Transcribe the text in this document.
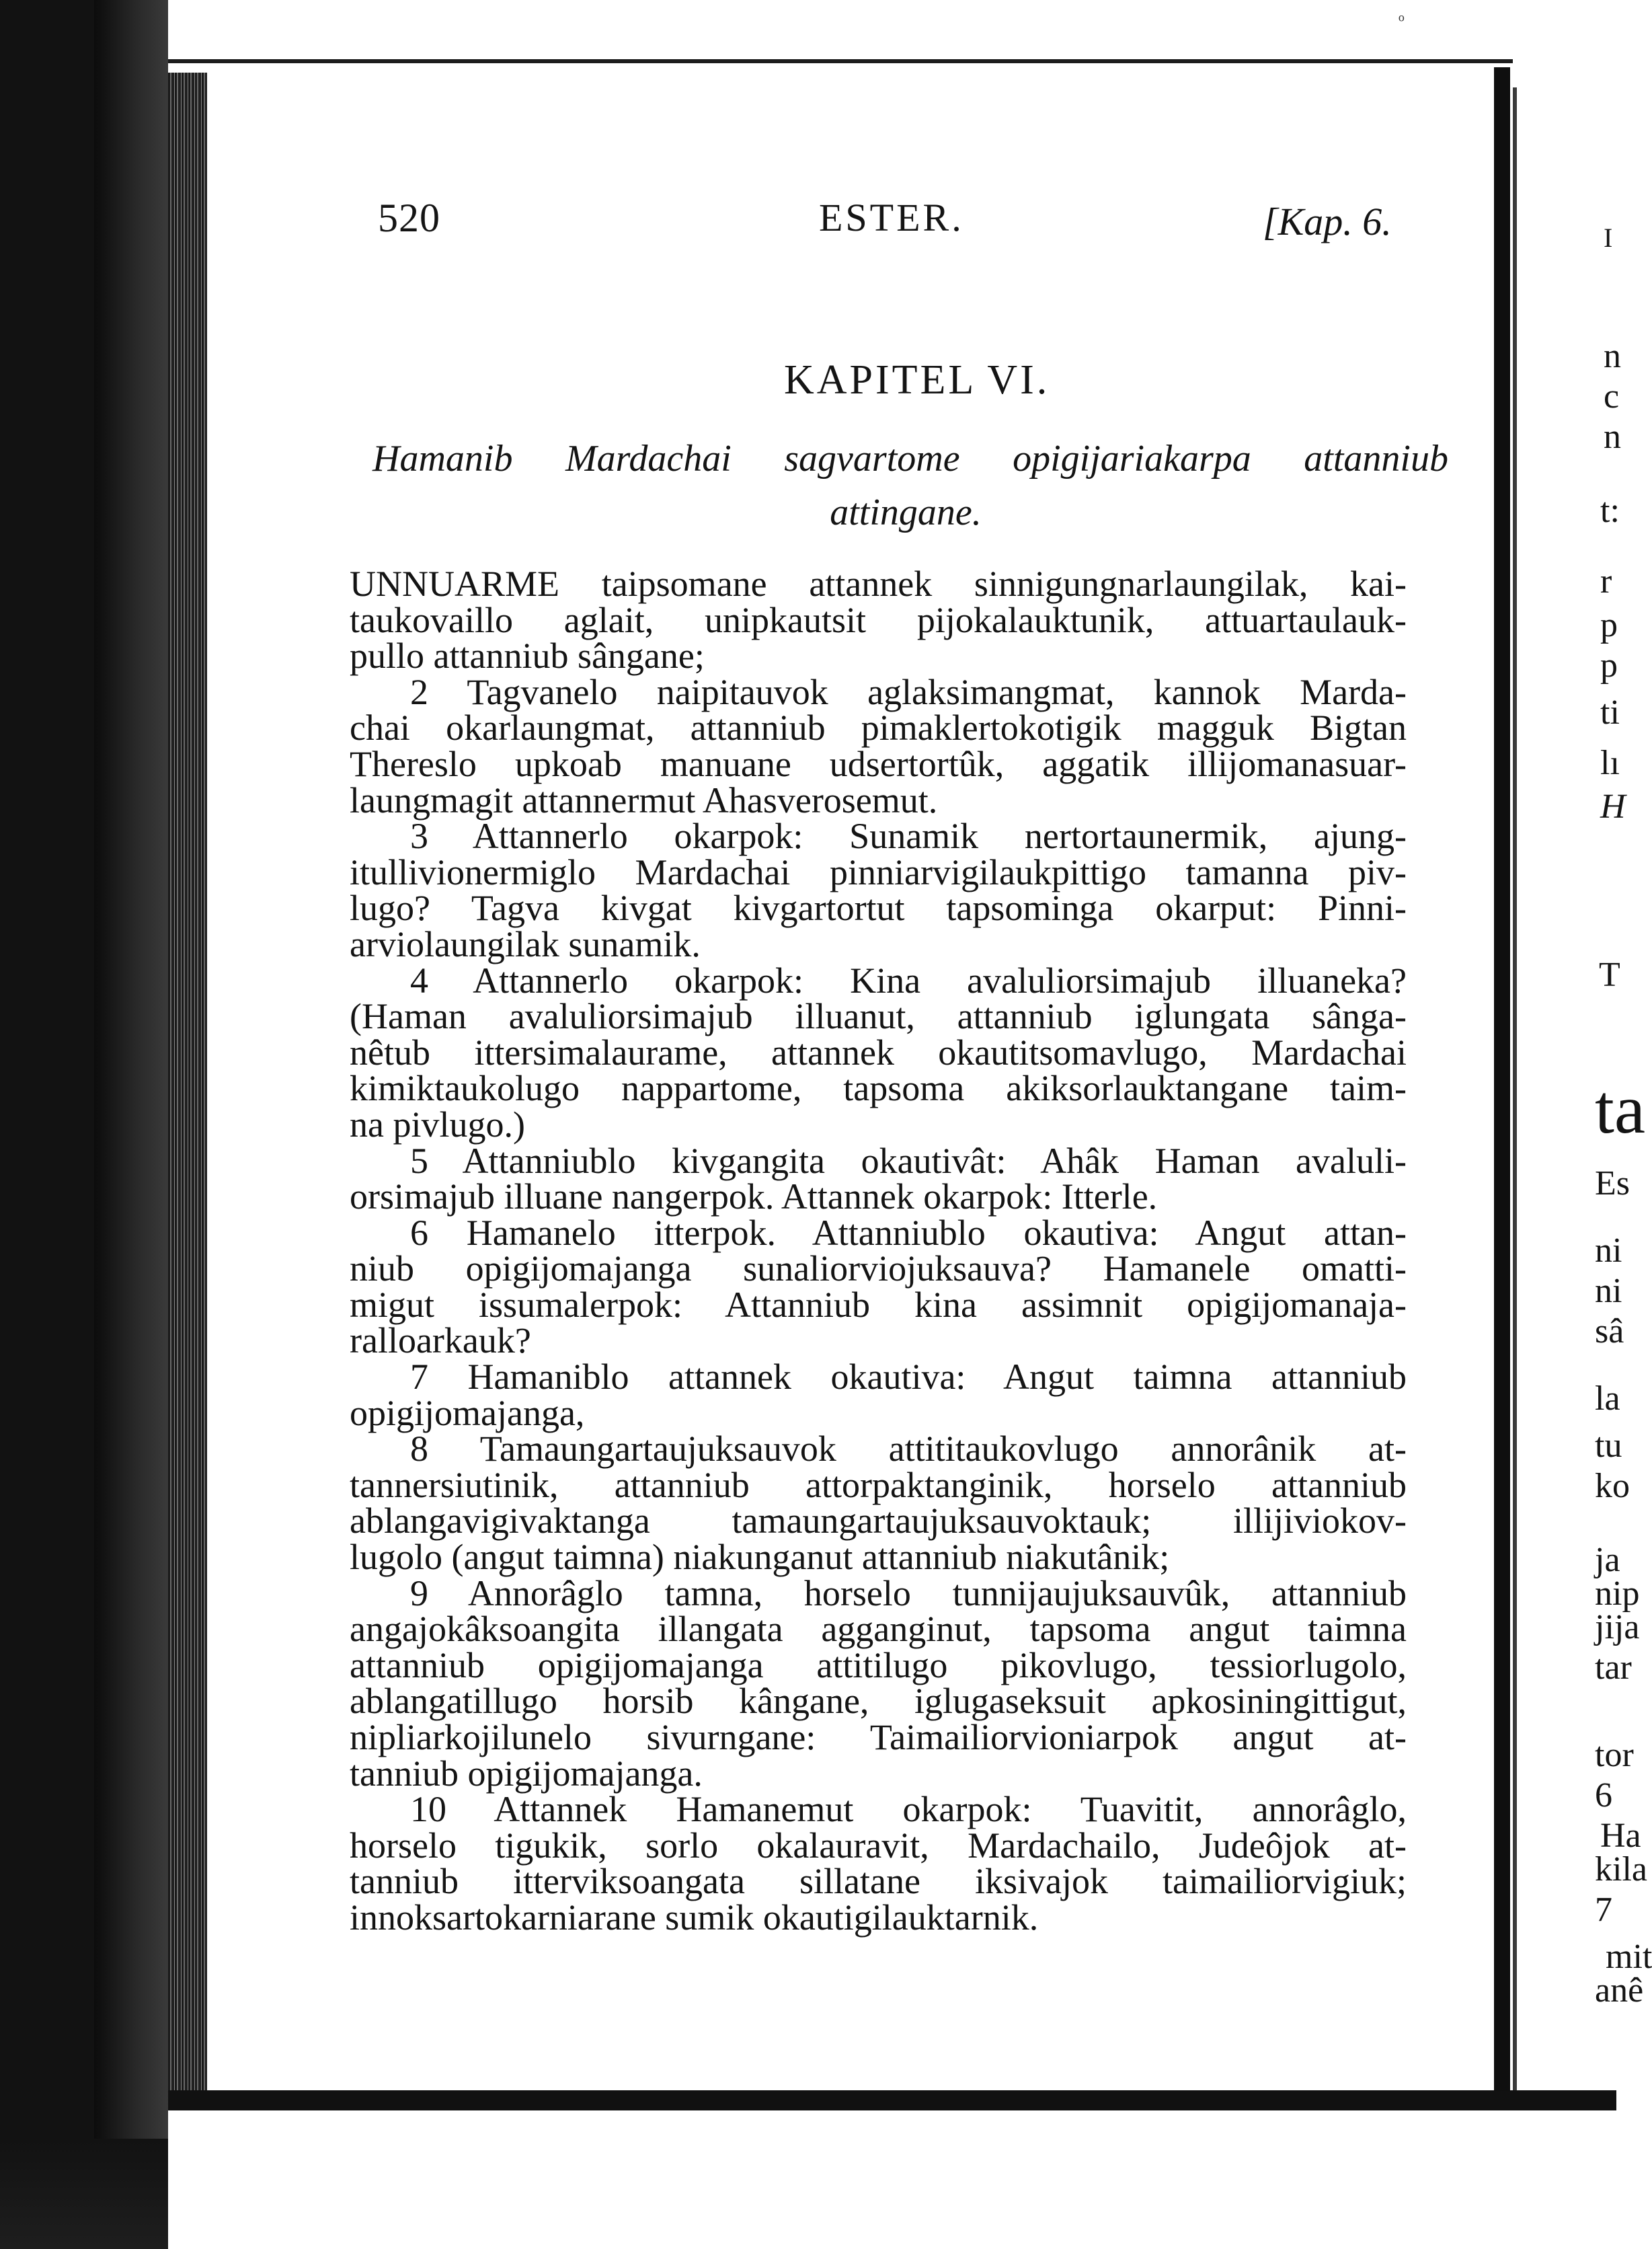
520	ESTER.	[Kap. 6.
KAPITEL VI.
Hamanib Mardachai sagvartome opigijariakarpa attanniub
attingane.
UNNUARME taipsomane attannek sinnigungnarlaungilak, kai-
taukovaillo aglait, unipkautsit pijokalauktunik, attuartaulauk-
pullo attanniub sângane;
2 Tagvanelo naipitauvok aglaksimangmat, kannok Marda-
chai okarlaungmat, attanniub pimaklertokotigik magguk Bigtan
Thereslo upkoab manuane udsertortûk, aggatik illijomanasuar-
laungmagit attannermut Ahasverosemut.
3 Attannerlo okarpok: Sunamik nertortaunermik, ajung-
itullivionermiglo Mardachai pinniarvigilaukpittigo tamanna piv-
lugo? Tagva kivgat kivgartortut tapsominga okarput: Pinni-
arviolaungilak sunamik.
4 Attannerlo okarpok: Kina avaluliorsimajub illuaneka?
(Haman avaluliorsimajub illuanut, attanniub iglungata sânga-
nêtub ittersimalaurame, attannek okautitsomavlugo, Mardachai
kimiktaukolugo nappartome, tapsoma akiksorlauktangane taim-
na pivlugo.)
5 Attanniublo kivgangita okautivât: Ahâk Haman avaluli-
orsimajub illuane nangerpok. Attannek okarpok: Itterle.
6 Hamanelo itterpok. Attanniublo okautiva: Angut attan-
niub opigijomajanga sunaliorviojuksauva? Hamanele omatti-
migut issumalerpok: Attanniub kina assimnit opigijomanaja-
ralloarkauk?
7 Hamaniblo attannek okautiva: Angut taimna attanniub
opigijomajanga,
8 Tamaungartaujuksauvok attititaukovlugo annorânik at-
tannersiutinik, attanniub attorpaktanginik, horselo attanniub
ablangavigivaktanga tamaungartaujuksauvoktauk; illijiviokov-
lugolo (angut taimna) niakunganut attanniub niakutânik;
9 Annorâglo tamna, horselo tunnijaujuksauvûk, attanniub
angajokâksoangita illangata agganginut, tapsoma angut taimna
attanniub opigijomajanga attitilugo pikovlugo, tessiorlugolo,
ablangatillugo horsib kângane, iglugaseksuit apkosiningittigut,
nipliarkojilunelo sivurngane: Taimailiorvioniarpok angut at-
tanniub opigijomajanga.
10 Attannek Hamanemut okarpok: Tuavitit, annorâglo,
horselo tigukik, sorlo okalauravit, Mardachailo, Judeôjok at-
tanniub itterviksoangata sillatane iksivajok taimailiorvigiuk;
innoksartokarniarane sumik okautigilauktarnik.
I
n
c
n
t:
r
p
p
ti
lı
H
T
ta
Es
ni
ni
sâ
la
tu
ko
ja
nip
jija
tar
tor
6
Ha
kila
7
mit
anê
ᵒ
